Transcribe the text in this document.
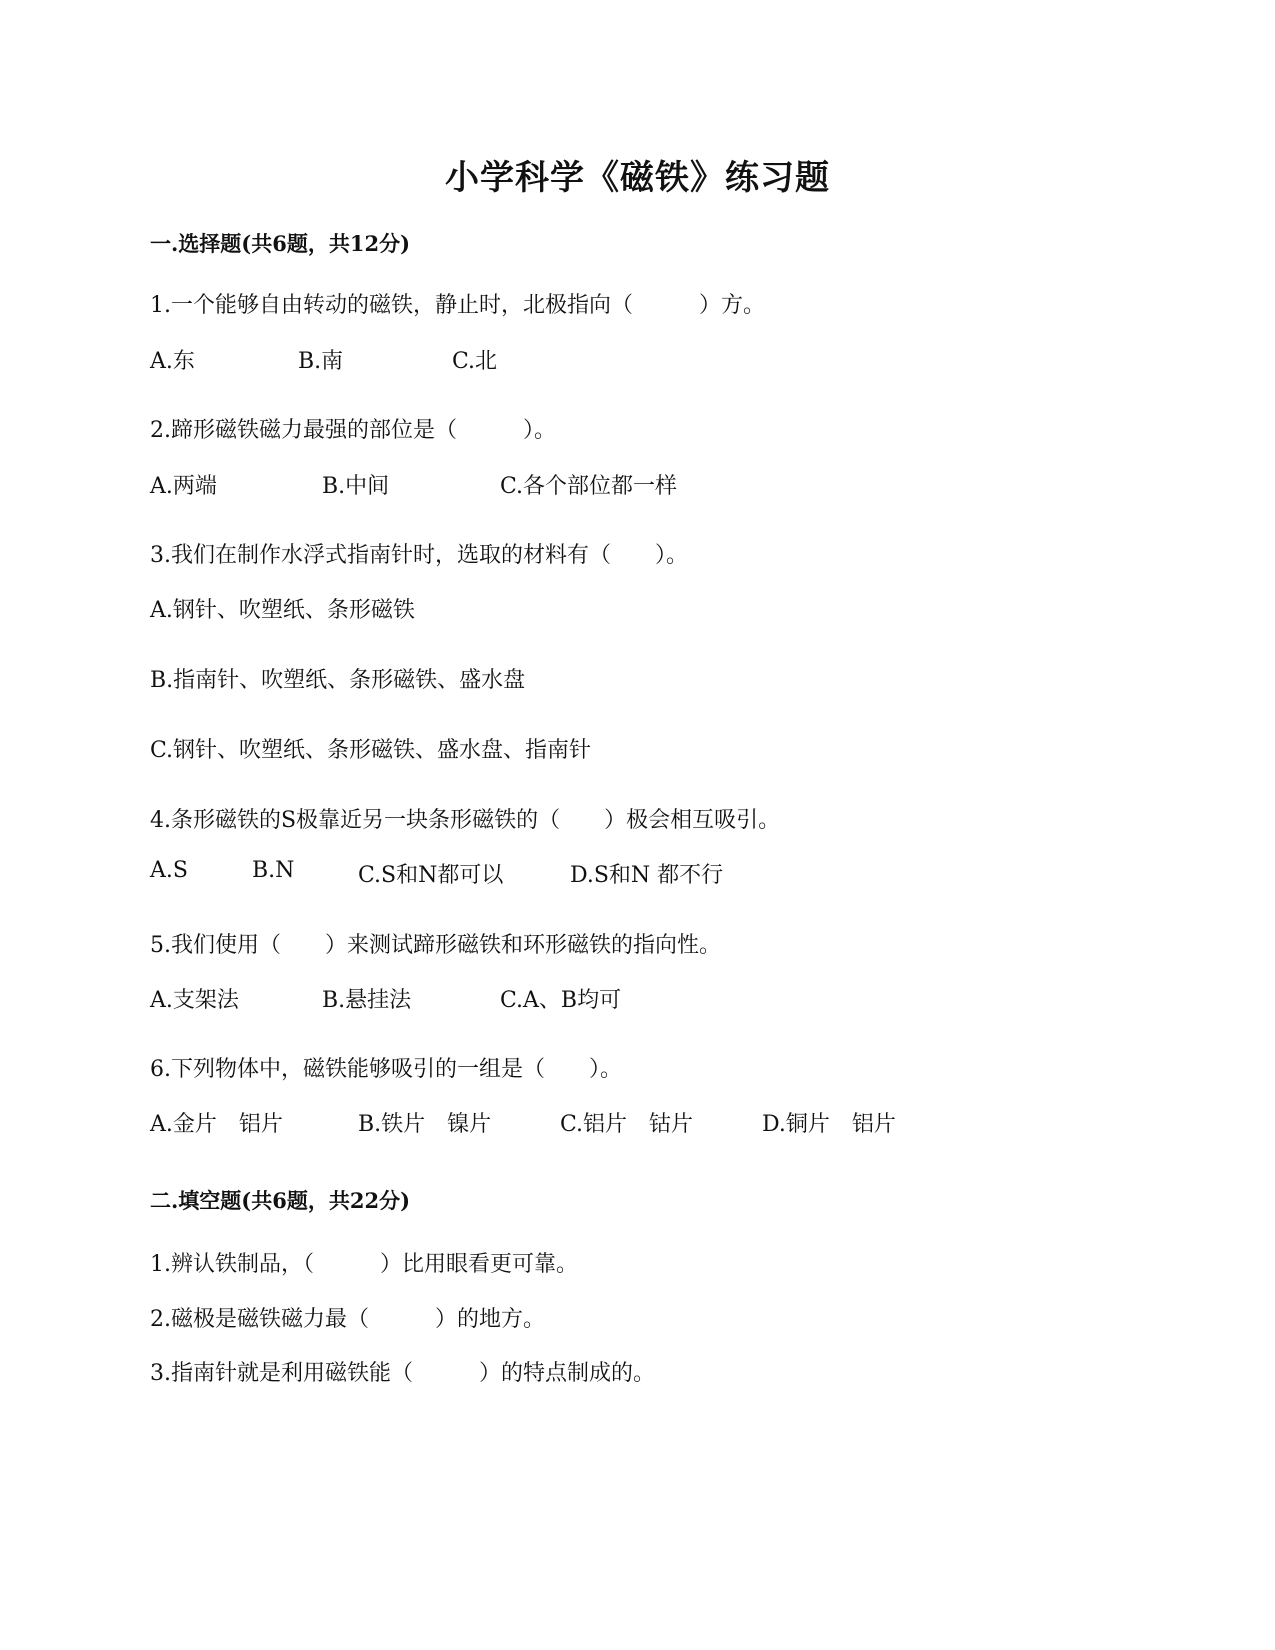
小学科学《磁铁》练习题
一.选择题(共6题，共12分)
1.一个能够自由转动的磁铁，静止时，北极指向（　　　）方。
A.东	B.南	C.北
2.蹄形磁铁磁力最强的部位是（　　　）。
A.两端	B.中间	C.各个部位都一样
3.我们在制作水浮式指南针时，选取的材料有（　　）。
A.钢针、吹塑纸、条形磁铁
B.指南针、吹塑纸、条形磁铁、盛水盘
C.钢针、吹塑纸、条形磁铁、盛水盘、指南针
4.条形磁铁的S极靠近另一块条形磁铁的（　　）极会相互吸引。
A.S	B.N	C.S和N都可以	D.S和N 都不行
5.我们使用（　　）来测试蹄形磁铁和环形磁铁的指向性。
A.支架法	B.悬挂法	C.A、B均可
6.下列物体中，磁铁能够吸引的一组是（　　）。
A.金片　铝片	B.铁片　镍片	C.铝片　钴片	D.铜片　铝片
二.填空题(共6题，共22分)
1.辨认铁制品，（　　　）比用眼看更可靠。
2.磁极是磁铁磁力最（　　　）的地方。
3.指南针就是利用磁铁能（　　　）的特点制成的。
